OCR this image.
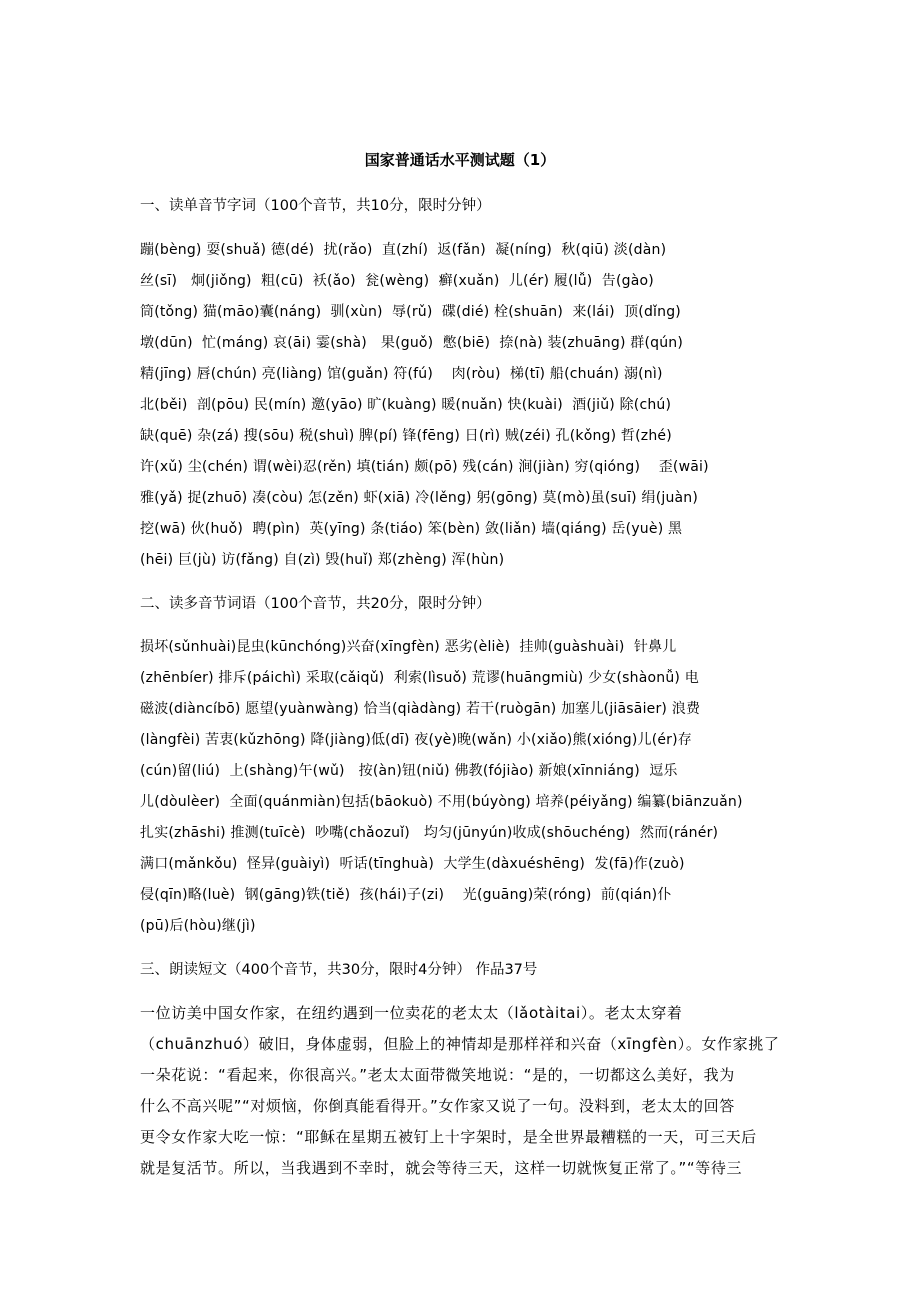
国家普通话水平测试题（1）
一、读单音节字词（100个音节，共10分，限时分钟）
蹦(bèng) 耍(shuǎ) 德(dé)  扰(rǎo)  直(zhí)  返(fǎn)  凝(níng)  秋(qiū) 淡(dàn)
丝(sī)   炯(jiǒng)  粗(cū)  袄(ǎo)  瓮(wèng)  癣(xuǎn)  儿(ér) 履(lǚ)  告(gào)
筒(tǒng) 猫(māo)囊(náng)  驯(xùn)  辱(rǔ)  碟(dié) 栓(shuān)  来(lái)  顶(dǐng)
墩(dūn)  忙(máng) 哀(āi) 霎(shà)   果(guǒ)  憋(biē)  捺(nà) 装(zhuāng) 群(qún)
精(jīng) 唇(chún) 亮(liàng) 馆(guǎn) 符(fú)    肉(ròu)  梯(tī) 船(chuán) 溺(nì)
北(běi)  剖(pōu) 民(mín) 邀(yāo) 旷(kuàng) 暖(nuǎn) 快(kuài)  酒(jiǔ) 除(chú)
缺(quē) 杂(zá) 搜(sōu) 税(shuì) 脾(pí) 锋(fēng) 日(rì) 贼(zéi) 孔(kǒng) 哲(zhé)
许(xǔ) 尘(chén) 谓(wèi)忍(rěn) 填(tián) 颇(pō) 残(cán) 涧(jiàn) 穷(qióng)    歪(wāi)
雅(yǎ) 捉(zhuō) 凑(còu) 怎(zěn) 虾(xiā) 冷(lěng) 躬(gōng) 莫(mò)虽(suī) 绢(juàn)
挖(wā) 伙(huǒ)  聘(pìn)  英(yīng) 条(tiáo) 笨(bèn) 敛(liǎn) 墙(qiáng) 岳(yuè) 黑
(hēi) 巨(jù) 访(fǎng) 自(zì) 毁(huǐ) 郑(zhèng) 浑(hùn)
二、读多音节词语（100个音节，共20分，限时分钟）
损坏(sǔnhuài)昆虫(kūnchóng)兴奋(xīngfèn) 恶劣(èliè)  挂帅(guàshuài)  针鼻儿
(zhēnbíer) 排斥(páichì) 采取(cǎiqǔ)  利索(lìsuǒ) 荒谬(huāngmiù) 少女(shàonǚ) 电
磁波(diàncíbō) 愿望(yuànwàng) 恰当(qiàdàng) 若干(ruògān) 加塞儿(jiāsāier) 浪费
(làngfèi) 苦衷(kǔzhōng) 降(jiàng)低(dī) 夜(yè)晚(wǎn) 小(xiǎo)熊(xióng)儿(ér)存
(cún)留(liú)  上(shàng)午(wǔ)   按(àn)钮(niǔ) 佛教(fójiào) 新娘(xīnniáng)  逗乐
儿(dòulèer)  全面(quánmiàn)包括(bāokuò) 不用(búyòng) 培养(péiyǎng) 编纂(biānzuǎn)
扎实(zhāshi) 推测(tuīcè)  吵嘴(chǎozuǐ)   均匀(jūnyún)收成(shōuchéng)  然而(ránér)
满口(mǎnkǒu)  怪异(guàiyì)  听话(tīnghuà)  大学生(dàxuéshēng)  发(fā)作(zuò)
侵(qīn)略(luè)  钢(gāng)铁(tiě)  孩(hái)子(zi)    光(guāng)荣(róng)  前(qián)仆
(pū)后(hòu)继(jì)
三、朗读短文（400个音节，共30分，限时4分钟） 作品37号
一位访美中国女作家，在纽约遇到一位卖花的老太太（lǎotàitai）。老太太穿着
（chuānzhuó）破旧，身体虚弱，但脸上的神情却是那样祥和兴奋（xīngfèn）。女作家挑了
一朵花说：“看起来，你很高兴。”老太太面带微笑地说：“是的，一切都这么美好，我为
什么不高兴呢”“对烦恼，你倒真能看得开。”女作家又说了一句。没料到，老太太的回答
更令女作家大吃一惊：“耶稣在星期五被钉上十字架时，是全世界最糟糕的一天，可三天后
就是复活节。所以，当我遇到不幸时，就会等待三天，这样一切就恢复正常了。”“等待三
